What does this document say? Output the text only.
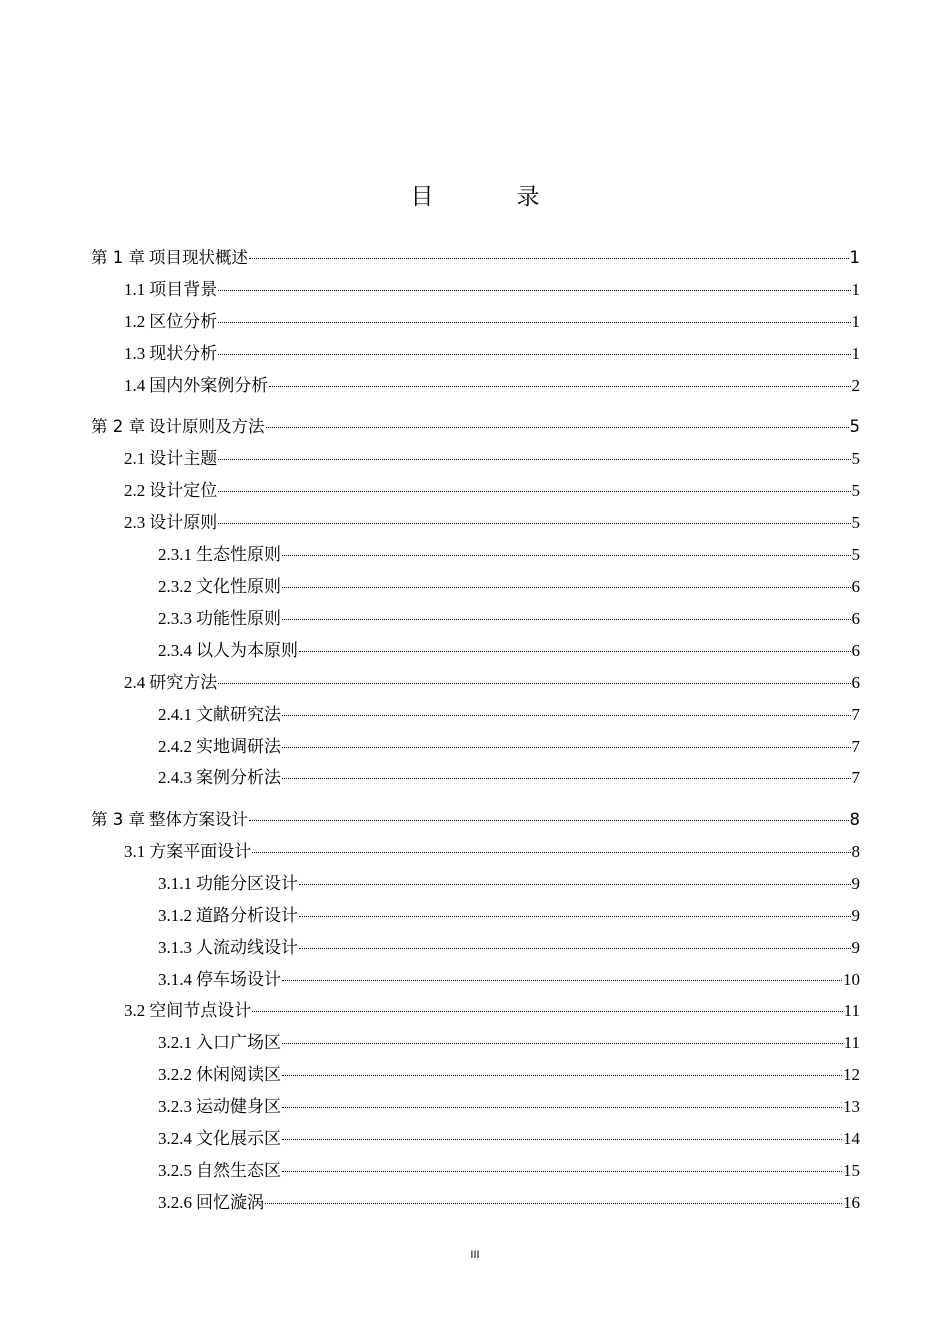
目　录
第 1 章 项目现状概述	1
1.1 项目背景	1
1.2 区位分析	1
1.3 现状分析	1
1.4 国内外案例分析	2
第 2 章 设计原则及方法	5
2.1 设计主题	5
2.2 设计定位	5
2.3 设计原则	5
2.3.1 生态性原则	5
2.3.2 文化性原则	6
2.3.3 功能性原则	6
2.3.4 以人为本原则	6
2.4 研究方法	6
2.4.1 文献研究法	7
2.4.2 实地调研法	7
2.4.3 案例分析法	7
第 3 章 整体方案设计	8
3.1 方案平面设计	8
3.1.1 功能分区设计	9
3.1.2 道路分析设计	9
3.1.3 人流动线设计	9
3.1.4 停车场设计	10
3.2 空间节点设计	11
3.2.1 入口广场区	11
3.2.2 休闲阅读区	12
3.2.3 运动健身区	13
3.2.4 文化展示区	14
3.2.5 自然生态区	15
3.2.6 回忆漩涡	16
III
